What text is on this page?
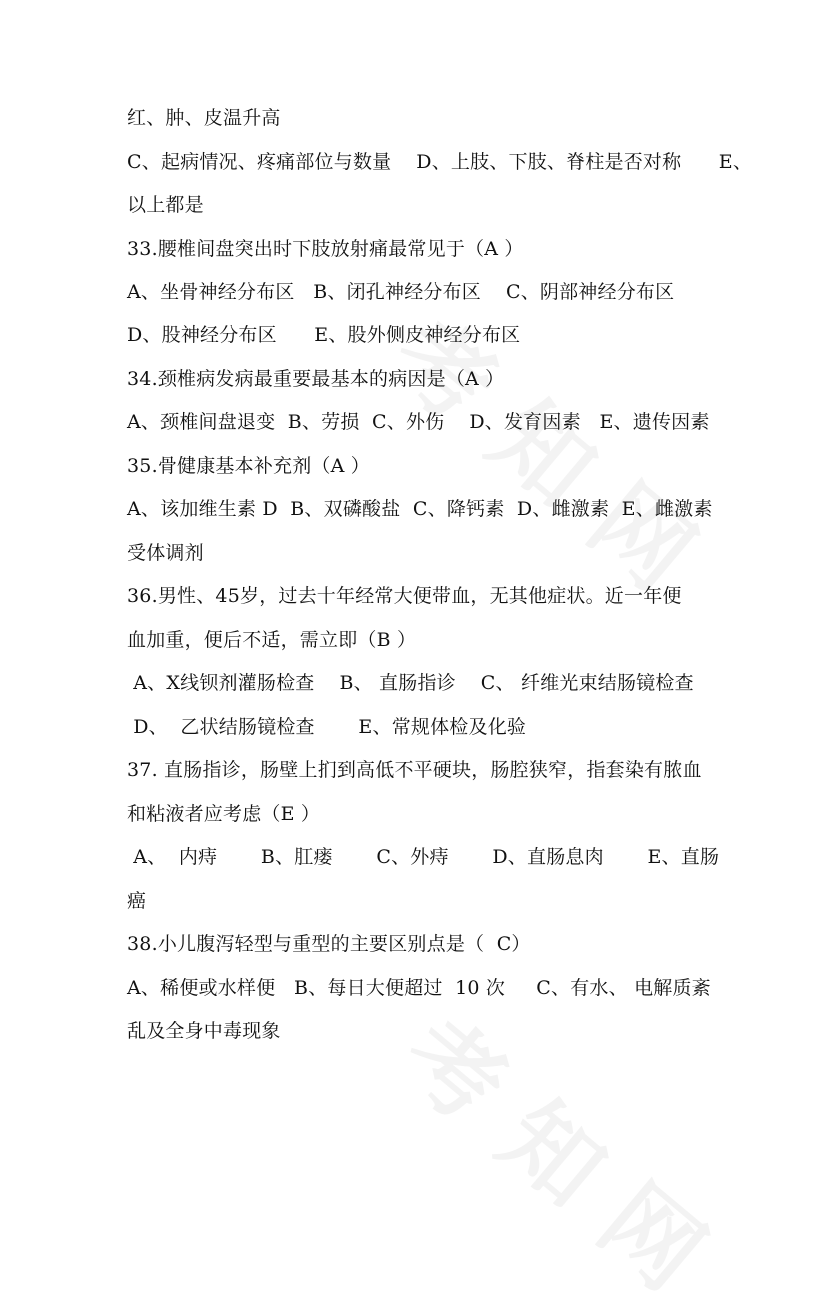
红、肿、皮温升高
C、起病情况、疼痛部位与数量    D、上肢、下肢、脊柱是否对称      E、
以上都是
33.腰椎间盘突出时下肢放射痛最常见于（A ）
A、坐骨神经分布区   B、闭孔神经分布区    C、阴部神经分布区
D、股神经分布区      E、股外侧皮神经分布区
34.颈椎病发病最重要最基本的病因是（A ）
A、颈椎间盘退变  B、劳损  C、外伤    D、发育因素   E、遗传因素
35.骨健康基本补充剂（A ）
A、该加维生素 D  B、双磷酸盐  C、降钙素  D、雌激素  E、雌激素
受体调剂
36.男性、45岁，过去十年经常大便带血，无其他症状。近一年便
血加重，便后不适，需立即（B ）
A、X线钡剂灌肠检查    B、 直肠指诊    C、 纤维光束结肠镜检查
D、  乙状结肠镜检查       E、常规体检及化验
37. 直肠指诊，肠壁上扪到高低不平硬块，肠腔狭窄，指套染有脓血
和粘液者应考虑（E ）
A、  内痔       B、肛瘘       C、外痔       D、直肠息肉       E、直肠
癌
38.小儿腹泻轻型与重型的主要区别点是（  C）
A、稀便或水样便   B、每日大便超过  10 次     C、有水、 电解质紊
乱及全身中毒现象
